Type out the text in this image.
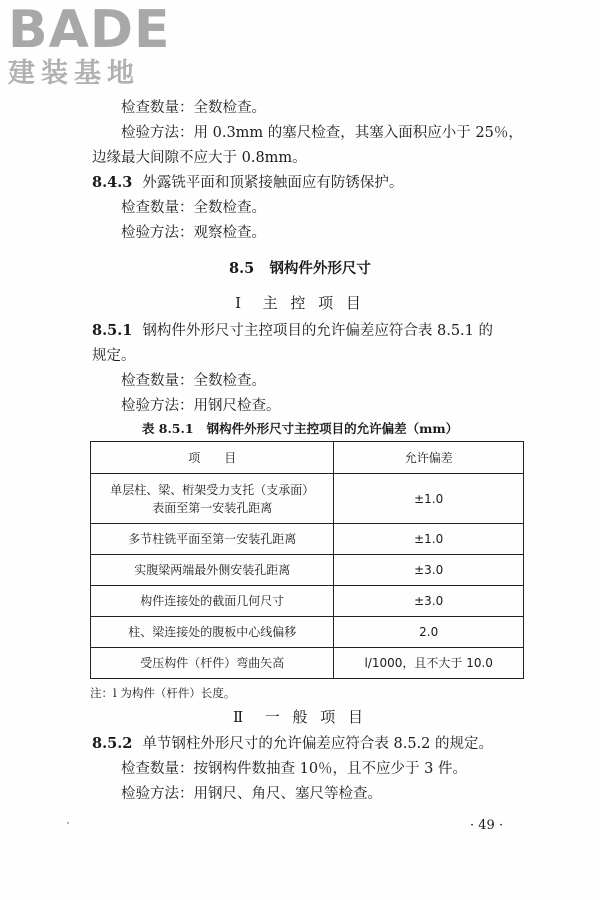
BADE
建装基地
检查数量：全数检查。
检验方法：用 0.3mm 的塞尺检查，其塞入面积应小于 25％，
边缘最大间隙不应大于 0.8mm。
8.4.3 外露铣平面和顶紧接触面应有防锈保护。
检查数量：全数检查。
检验方法：观察检查。
8.5 钢构件外形尺寸
Ⅰ 主 控 项 目
8.5.1 钢构件外形尺寸主控项目的允许偏差应符合表 8.5.1 的
规定。
检查数量：全数检查。
检验方法：用钢尺检查。
表 8.5.1 钢构件外形尺寸主控项目的允许偏差（mm）
项　　目	允许偏差

单层柱、梁、桁架受力支托（支承面）
表面至第一安装孔距离	±1.0
多节柱铣平面至第一安装孔距离	±1.0
实腹梁两端最外侧安装孔距离	±3.0
构件连接处的截面几何尺寸	±3.0
柱、梁连接处的腹板中心线偏移	2.0
受压构件（杆件）弯曲矢高	l/1000，且不大于 10.0
注：l 为构件（杆件）长度。
Ⅱ 一 般 项 目
8.5.2 单节钢柱外形尺寸的允许偏差应符合表 8.5.2 的规定。
检查数量：按钢构件数抽查 10％，且不应少于 3 件。
检验方法：用钢尺、角尺、塞尺等检查。
· 49 ·
